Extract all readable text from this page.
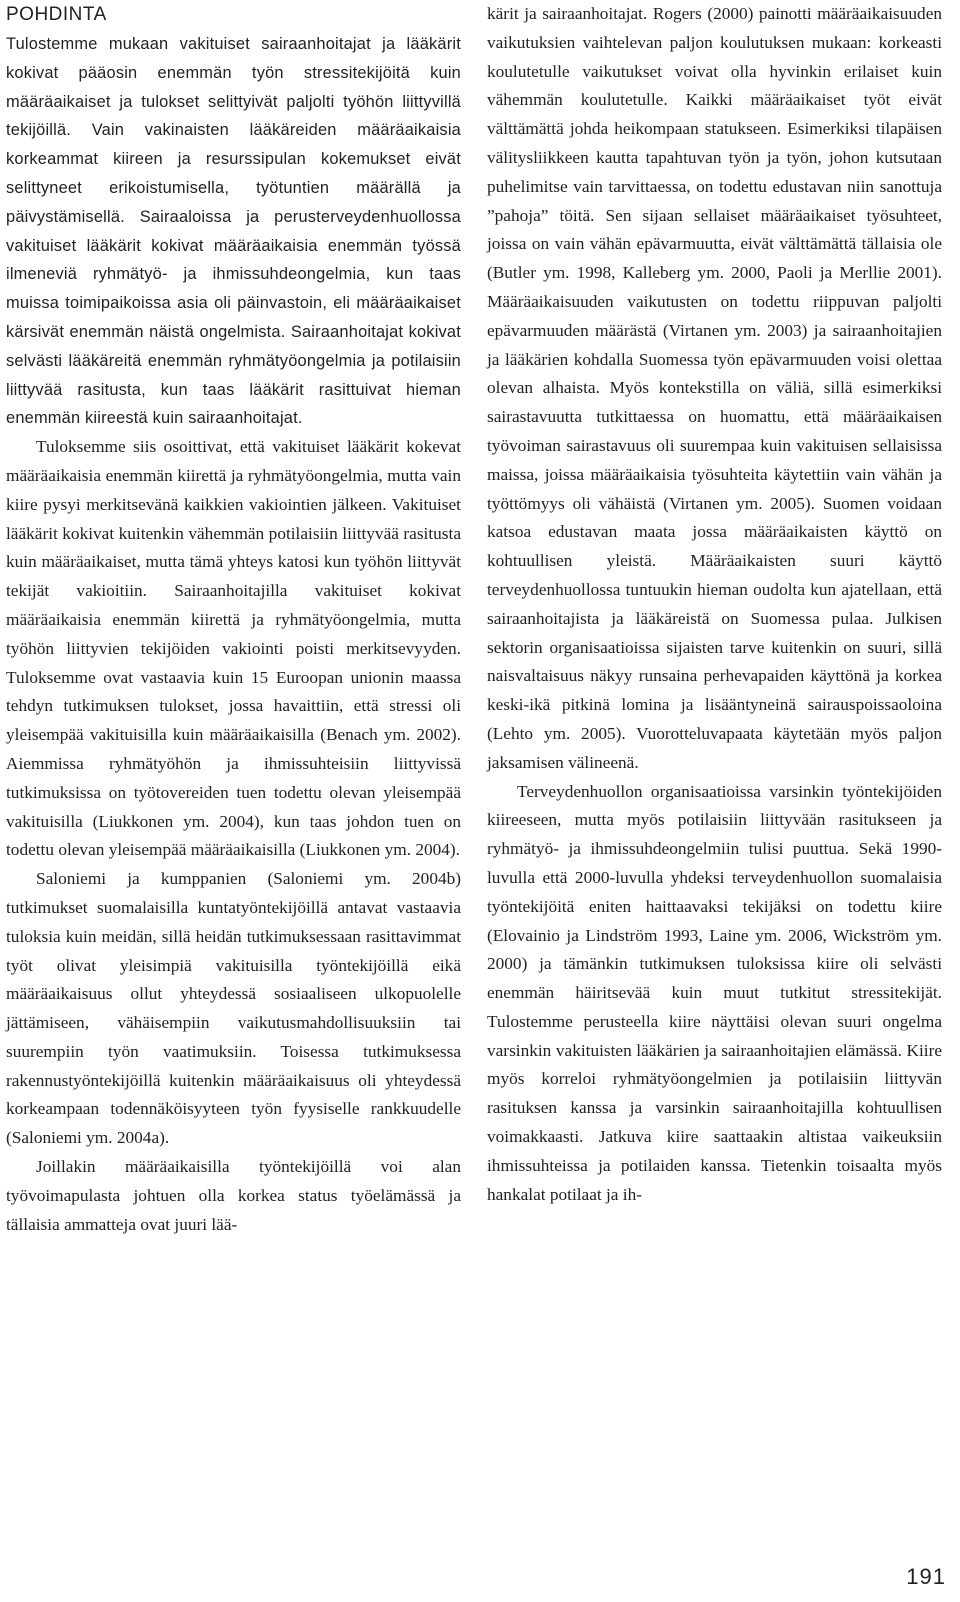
POHDINTA

Tulostemme mukaan vakituiset sairaanhoitajat ja lääkärit kokivat pääosin enemmän työn stressitekijöitä kuin määräaikaiset ja tulokset selittyivät paljolti työhön liittyvillä tekijöillä. Vain vakinaisten lääkäreiden määräaikaisia korkeammat kiireen ja resurssipulan kokemukset eivät selittyneet erikoistumisella, työtuntien määrällä ja päivystämisellä. Sairaaloissa ja perusterveydenhuollossa vakituiset lääkärit kokivat määräaikaisia enemmän työssä ilmeneviä ryhmätyö- ja ihmissuhdeongelmia, kun taas muissa toimipaikoissa asia oli päinvastoin, eli määräaikaiset kärsivät enemmän näistä ongelmista. Sairaanhoitajat kokivat selvästi lääkäreitä enemmän ryhmätyöongelmia ja potilaisiin liittyvää rasitusta, kun taas lääkärit rasittuivat hieman enemmän kiireestä kuin sairaanhoitajat.

Tuloksemme siis osoittivat, että vakituiset lääkärit kokevat määräaikaisia enemmän kiirettä ja ryhmätyöongelmia, mutta vain kiire pysyi merkitsevänä kaikkien vakiointien jälkeen. Vakituiset lääkärit kokivat kuitenkin vähemmän potilaisiin liittyvää rasitusta kuin määräaikaiset, mutta tämä yhteys katosi kun työhön liittyvät tekijät vakioitiin. Sairaanhoitajilla vakituiset kokivat määräaikaisia enemmän kiirettä ja ryhmätyöongelmia, mutta työhön liittyvien tekijöiden vakiointi poisti merkitsevyyden. Tuloksemme ovat vastaavia kuin 15 Euroopan unionin maassa tehdyn tutkimuksen tulokset, jossa havaittiin, että stressi oli yleisempää vakituisilla kuin määräaikaisilla (Benach ym. 2002). Aiemmissa ryhmätyöhön ja ihmissuhteisiin liittyvissä tutkimuksissa on työtovereiden tuen todettu olevan yleisempää vakituisilla (Liukkonen ym. 2004), kun taas johdon tuen on todettu olevan yleisempää määräaikaisilla (Liukkonen ym. 2004).

Saloniemi ja kumppanien (Saloniemi ym. 2004b) tutkimukset suomalaisilla kuntatyöntekijöillä antavat vastaavia tuloksia kuin meidän, sillä heidän tutkimuksessaan rasittavimmat työt olivat yleisimpiä vakituisilla työntekijöillä eikä määräaikaisuus ollut yhteydessä sosiaaliseen ulkopuolelle jättämiseen, vähäisempiin vaikutusmahdollisuuksiin tai suurempiin työn vaatimuksiin. Toisessa tutkimuksessa rakennustyöntekijöillä kuitenkin määräaikaisuus oli yhteydessä korkeampaan todennäköisyyteen työn fyysiselle rankkuudelle (Saloniemi ym. 2004a).

Joillakin määräaikaisilla työntekijöillä voi alan työvoimapulasta johtuen olla korkea status työelämässä ja tällaisia ammatteja ovat juuri lää-

kärit ja sairaanhoitajat. Rogers (2000) painotti määräaikaisuuden vaikutuksien vaihtelevan paljon koulutuksen mukaan: korkeasti koulutetulle vaikutukset voivat olla hyvinkin erilaiset kuin vähemmän koulutetulle. Kaikki määräaikaiset työt eivät välttämättä johda heikompaan statukseen. Esimerkiksi tilapäisen välitysliikkeen kautta tapahtuvan työn ja työn, johon kutsutaan puhelimitse vain tarvittaessa, on todettu edustavan niin sanottuja ”pahoja” töitä. Sen sijaan sellaiset määräaikaiset työsuhteet, joissa on vain vähän epävarmuutta, eivät välttämättä tällaisia ole (Butler ym. 1998, Kalleberg ym. 2000, Paoli ja Merllie 2001). Määräaikaisuuden vaikutusten on todettu riippuvan paljolti epävarmuuden määrästä (Virtanen ym. 2003) ja sairaanhoitajien ja lääkärien kohdalla Suomessa työn epävarmuuden voisi olettaa olevan alhaista. Myös kontekstilla on väliä, sillä esimerkiksi sairastavuutta tutkittaessa on huomattu, että määräaikaisen työvoiman sairastavuus oli suurempaa kuin vakituisen sellaisissa maissa, joissa määräaikaisia työsuhteita käytettiin vain vähän ja työttömyys oli vähäistä (Virtanen ym. 2005). Suomen voidaan katsoa edustavan maata jossa määräaikaisten käyttö on kohtuullisen yleistä. Määräaikaisten suuri käyttö terveydenhuollossa tuntuukin hieman oudolta kun ajatellaan, että sairaanhoitajista ja lääkäreistä on Suomessa pulaa. Julkisen sektorin organisaatioissa sijaisten tarve kuitenkin on suuri, sillä naisvaltaisuus näkyy runsaina perhevapaiden käyttönä ja korkea keski-ikä pitkinä lomina ja lisääntyneinä sairauspoissaoloina (Lehto ym. 2005). Vuorotteluvapaata käytetään myös paljon jaksamisen välineenä.

Terveydenhuollon organisaatioissa varsinkin työntekijöiden kiireeseen, mutta myös potilaisiin liittyvään rasitukseen ja ryhmätyö- ja ihmissuhdeongelmiin tulisi puuttua. Sekä 1990-luvulla että 2000-luvulla yhdeksi terveydenhuollon suomalaisia työntekijöitä eniten haittaavaksi tekijäksi on todettu kiire (Elovainio ja Lindström 1993, Laine ym. 2006, Wickström ym. 2000) ja tämänkin tutkimuksen tuloksissa kiire oli selvästi enemmän häiritsevää kuin muut tutkitut stressitekijät. Tulostemme perusteella kiire näyttäisi olevan suuri ongelma varsinkin vakituisten lääkärien ja sairaanhoitajien elämässä. Kiire myös korreloi ryhmätyöongelmien ja potilaisiin liittyvän rasituksen kanssa ja varsinkin sairaanhoitajilla kohtuullisen voimakkaasti. Jatkuva kiire saattaakin altistaa vaikeuksiin ihmissuhteissa ja potilaiden kanssa. Tietenkin toisaalta myös hankalat potilaat ja ih-

191
